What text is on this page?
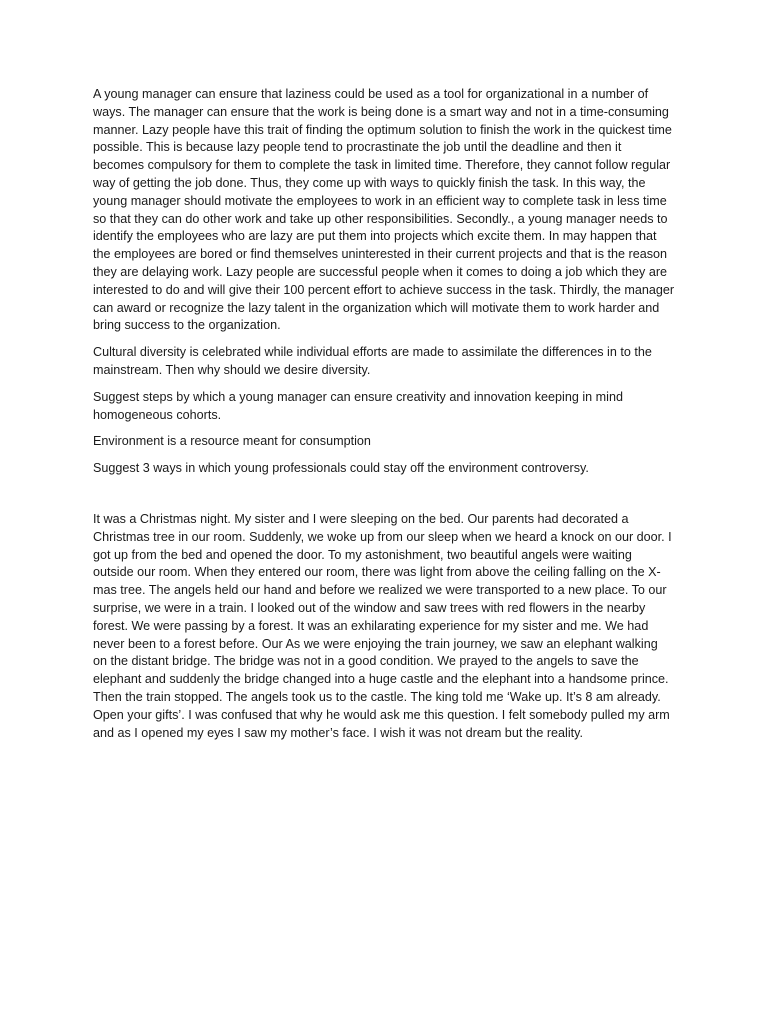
A young manager can ensure that laziness could be used as a tool for organizational in a number of ways. The manager can ensure that the work is being done is a smart way and not in a time-consuming manner. Lazy people have this trait of finding the optimum solution to finish the work in the quickest time possible. This is because lazy people tend to procrastinate the job until the deadline and then it becomes compulsory for them to complete the task in limited time. Therefore, they cannot follow regular way of getting the job done. Thus, they come up with ways to quickly finish the task. In this way, the young manager should motivate the employees to work in an efficient way to complete task in less time so that they can do other work and take up other responsibilities. Secondly., a young manager needs to identify the employees who are lazy are put them into projects which excite them. In may happen that the employees are bored or find themselves uninterested in their current projects and that is the reason they are delaying work. Lazy people are successful people when it comes to doing a job which they are interested to do and will give their 100 percent effort to achieve success in the task. Thirdly, the manager can award or recognize the lazy talent in the organization which will motivate them to work harder and bring success to the organization.

Cultural diversity is celebrated while individual efforts are made to assimilate the differences in to the mainstream. Then why should we desire diversity.

Suggest steps by which a young manager can ensure creativity and innovation keeping in mind homogeneous cohorts.

Environment is a resource meant for consumption

Suggest 3 ways in which young professionals could stay off the environment controversy.

It was a Christmas night. My sister and I were sleeping on the bed. Our parents had decorated a Christmas tree in our room. Suddenly, we woke up from our sleep when we heard a knock on our door. I got up from the bed and opened the door. To my astonishment, two beautiful angels were waiting outside our room. When they entered our room, there was light from above the ceiling falling on the X-mas tree. The angels held our hand and before we realized we were transported to a new place. To our surprise, we were in a train. I looked out of the window and saw trees with red flowers in the nearby forest. We were passing by a forest. It was an exhilarating experience for my sister and me. We had never been to a forest before. Our As we were enjoying the train journey, we saw an elephant walking on the distant bridge. The bridge was not in a good condition. We prayed to the angels to save the elephant and suddenly the bridge changed into a huge castle and the elephant into a handsome prince. Then the train stopped. The angels took us to the castle. The king told me ‘Wake up. It’s 8 am already. Open your gifts’. I was confused that why he would ask me this question. I felt somebody pulled my arm and as I opened my eyes I saw my mother’s face. I wish it was not dream but the reality.
